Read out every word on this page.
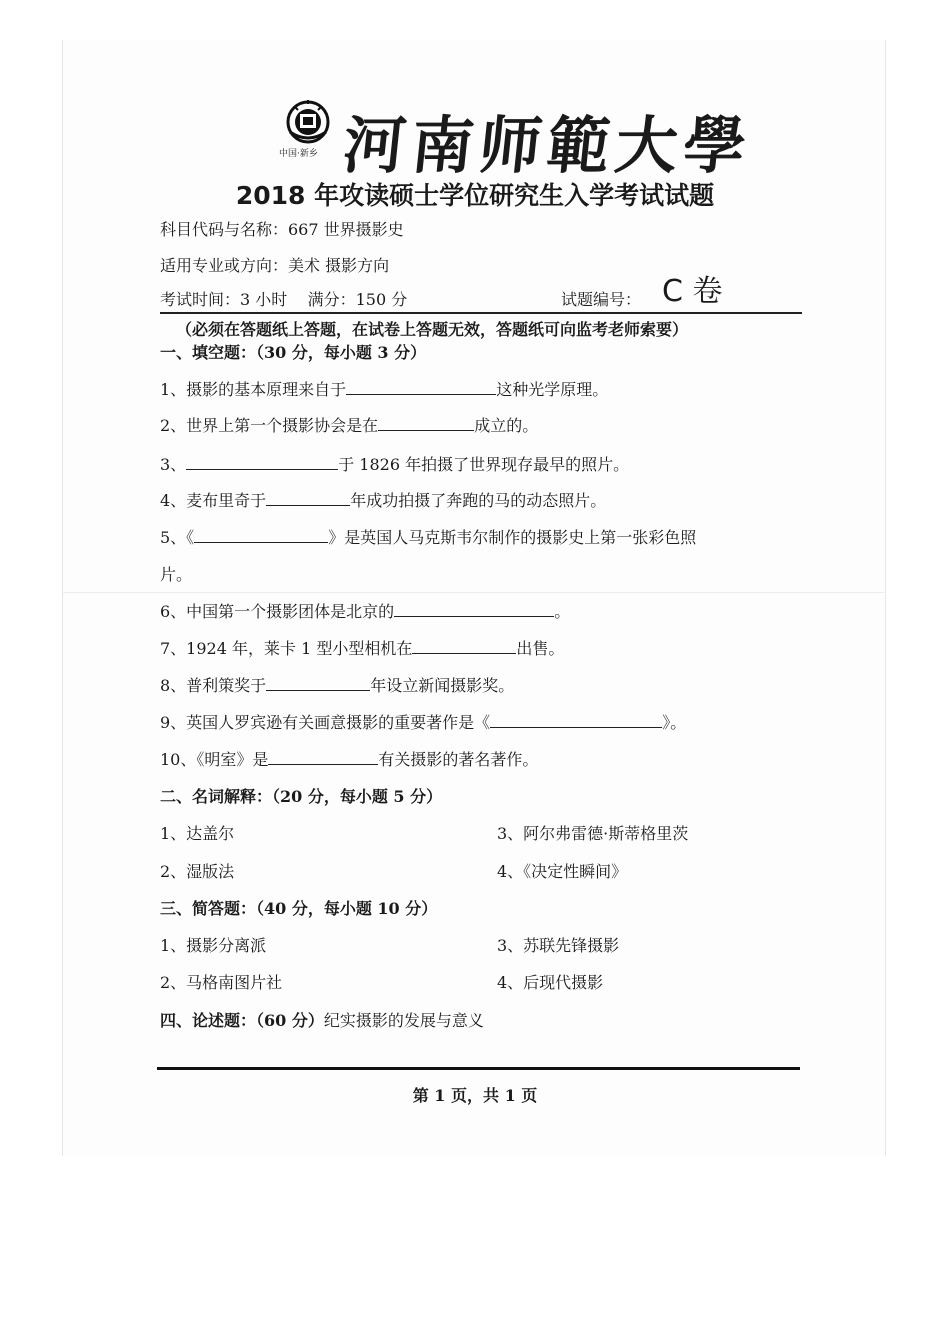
中国·新乡 河南师範大學
2018 年攻读硕士学位研究生入学考试试题
科目代码与名称：667 世界摄影史
适用专业或方向：美术 摄影方向
考试时间：3 小时    满分：150 分	试题编号： C 卷
（必须在答题纸上答题，在试卷上答题无效，答题纸可向监考老师索要）
一、填空题：（30 分，每小题 3 分）
1、摄影的基本原理来自于	这种光学原理。
2、世界上第一个摄影协会是在	成立的。
3、	于 1826 年拍摄了世界现存最早的照片。
4、麦布里奇于	年成功拍摄了奔跑的马的动态照片。
5、《	》是英国人马克斯韦尔制作的摄影史上第一张彩色照
片。
6、中国第一个摄影团体是北京的	。
7、1924 年，莱卡 1 型小型相机在	出售。
8、普利策奖于	年设立新闻摄影奖。
9、英国人罗宾逊有关画意摄影的重要著作是《	》。
10、《明室》是	有关摄影的著名著作。
二、名词解释：（20 分，每小题 5 分）
1、达盖尔
2、湿版法
3、阿尔弗雷德·斯蒂格里茨
4、《决定性瞬间》
三、简答题：（40 分，每小题 10 分）
1、摄影分离派
2、马格南图片社
3、苏联先锋摄影
4、后现代摄影
四、论述题：（60 分）纪实摄影的发展与意义
第 1 页，共 1 页
